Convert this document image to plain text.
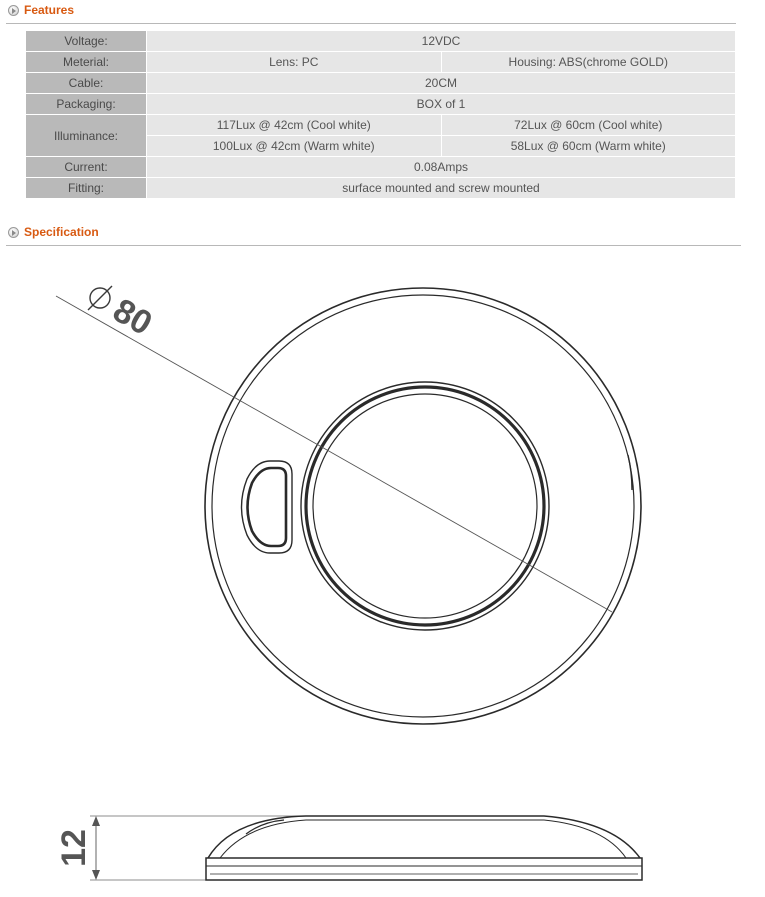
Features
Voltage:	12VDC	
Meterial:	Lens: PC	Housing: ABS(chrome GOLD)
Cable:	20CM	
Packaging:	BOX of 1	
Illuminance:	117Lux @ 42cm (Cool white)	72Lux @ 60cm (Cool white)
	100Lux @ 42cm (Warm white)	58Lux @ 60cm (Warm white)
Current:	0.08Amps	
Fitting:	surface mounted and screw mounted	
Specification
80
12
